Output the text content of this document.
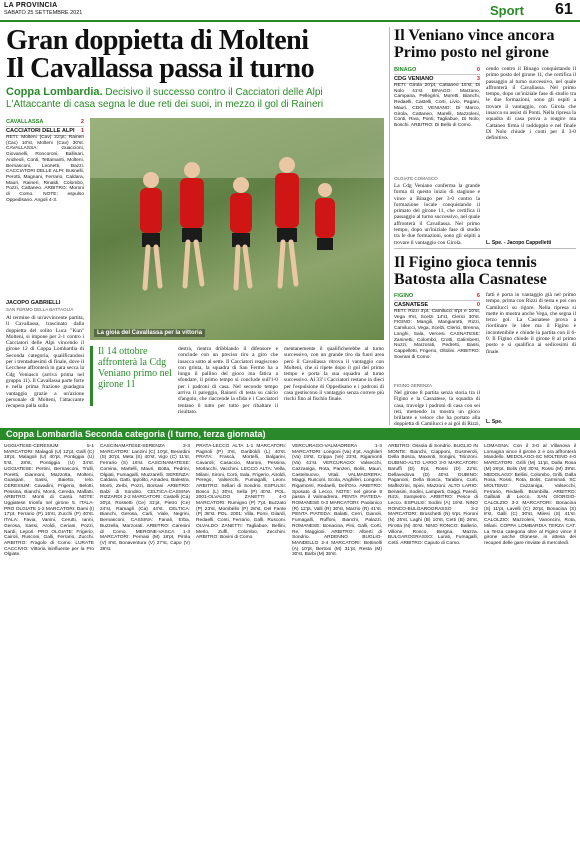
LA PROVINCIA
SABATO 25 SETTEMBRE 2021	Sport 61
Gran doppietta di Molteni
Il Cavallassa passa il turno
Coppa Lombardia. Decisivo il successo contro il Cacciatori delle Alpi
L'Attaccante di casa segna le due reti dei suoi, in mezzo il gol di Raineri
CAVALLASSA	2
CACCIATORI DELLE ALPI 1
RETI: Molteni (Cav) 22'pt; Raineri (Cac) 10'st, Molteni (Cav) 30'st. CAVALLASSA: Guaccioni, Giovanelli, Roncoroni, Ballinari, Andreoli, Conti, Tettamanti, Molteni, Bernasconi, Leonetti, Bazzi. CACCIATORI DELLE ALPI: Busnelli, Perotti, Magnani, Ferrario, Caldara, Mauri, Raineri, Rinaldi, Colombo, Pozzi, Cattaneo. ARBITRO: Moroni di Como. NOTE: espulso Oppedisano. Angoli 4-3.
JACOPO GABRIELLI
SAN FERMO DELLA BATTAGLIA
Al termine di un'avvincente partita, il Cavallassa, trascinato dalla doppietta del solito Luca "Kun" Molteni, si impone per 2-1 contro i Cacciatori delle Alpi vincendo il girone 12 di Coppa Lombardia di Seconda categoria, qualificandosi per i trentaduesimi di finale, dove il Lecchese affronterà in gara secca la Cdg Veniasco (arriva prima nel gruppo 11). Il Cavallassa parte forte e nella prima frazione guadagna vantaggio grazie a un'azione personale di Molteni, l'attaccante recupera palla sulla
La gioia del Cavallassa per la vittoria
Il 14 ottobre affronterà la Cdg Veniano primo nel girone 11
destra, rientra dribblando il difensore e conclude con un preciso tiro a giro che insacca sotto al sette. Il Cacciatori reagiscono con grinta, la squadra di San Fermo ha a lungo il pallino del gioco ma fatica a sfondare, il primo tempo si conclude sull'1-0 per i padroni di casa. Nel secondo tempo arriva il pareggio, Raineri di testa su calcio d'angolo, che riaccende la sfida e i Cacciatori tentano il tutto per tutto per ribaltare il risultato.
mentanemente il qualificherebbe al turno successivo, con un grande tiro da fuori area però il Cavallassa ritrova il vantaggio con Molteni, che si ripete dopo il gol del primo tempo e porta la sua squadra al turno successivo. Al 33' i Cacciatori restano in dieci per l'espulsione di Oppedisano e i padroni di casa gestiscono il vantaggio senza correre più rischi fino al fischio finale.
Il Veniano vince ancora
Primo posto nel girone
BINAGO	0
CDG VENIANO	3
RETI: Girola 20'pt, Cattaneo 15'st, Di Nolo 41'st. BINAGO: Marzano, Campana, Pellegrini, Moretti, Bianchi, Redaelli, Castelli, Corti, Livio, Pagani, Mauri. CDG VENIANO: Di Marco, Girola, Cattaneo, Marelli, Mazzoleni, Conti, Riva, Ponti, Tagliabue, Di Nolo, Boschi. ARBITRO: Di Bello di Como.
OLGIATE COMASCO
La Cdg Veniano conferma la grande forma di questo inizio di stagione e vince a Binago per 3-0 contro la formazione locale conquistando il primato del girone 11, che certifica il passaggio al turno successivo, nel quale affronterà il Cavallassa. Nel primo tempo, dopo un'iniziale fase di studio tra le due formazioni, sono gli ospiti a trovare il vantaggio con Girola.
cendo contro il Binago conquistando il primo posto del girone 11, che certifica il passaggio al turno successivo, nel quale affronterà il Cavallassa. Nel primo tempo, dopo un'iniziale fase di studio tra le due formazioni, sono gli ospiti a trovare il vantaggio, con Girola che insacca su assist di Ponti. Nella ripresa la squadra di casa prova a reagire ma Cattaneo firma il raddoppio e nel finale Di Nolo chiude i conti per il 3-0 definitivo.
L. Spe. - Jacopo Cappelletti
Il Figino gioca tennis
Batosta alla Casnatese
FIGINO	6
CASNATESE	0
RETI: Rizzi 3'pt, Camilucci 8'pt e 10'st, Vega 9'st, Scelzi 14'st, Clerici 30'st. FIGINO: Mangili, Mangiarotti, Rizzi, Camilucci, Vega, Scelzi, Clerici, Brenna, Longhi, Sala, Vercesi. CASNATESE: Zaninetti, Colombo, Crotti, Galimberti, Nuzzi, Marzorati, Pedretti, Bassi, Cappelletti, Frigerio, Oltolini. ARBITRO: Sovrani di Como.
FIGINO SERENZA
Nel girone 8 partita senza storia tra il Figino e la Casnatese, la squadra di casa, travolge i padroni di casa con sei reti, mettendo in mostra un gioco brillante e veloce che ha portato alla doppietta di Camilucci e ai gol di Rizzi,
fatti è porta in vantaggio già nel primo tempo, prima con Rizzi di testa e poi con Camilucci su rigore. Nella ripresa si mette in mostra anche Vega, che segna il terzo gol. La Casnatese prova a riordinare le idee ma il Figino è incontenibile e chiude la partita con il 6-0. Il Figino chiude il girone 8 al primo posto e si qualifica ai sedicesimi di finale.
L. Spe.
Coppa Lombardia Seconda categoria (I turno, terza giornata)
UGGIATESE-CERESIUM 5-1 MARCATORI: Malagoli (U) 12'pt, Galli (C) 18'pt, Malagoli (U) 40'pt, Pontiggia (U) 5'st, 28'st, Pontiggia (U) 34'st. UGGIATESE: Pertini, Bernasconi, Trulli, Poretti, Giannoni, Mazzotta, Molteni, Guaspari, Sassi, Baietto, Ielo. CERESIUM: Cavadini, Frigerio, Belotti, Pessina, Bianchi, Monti, Cereda, Malfatti. ARBITRO: Monti di Cantù. NOTE: Uggiatese trionfa nel girone 5. ITALA-PRO OLGIATE 1-2 MARCATORI: Dami (I) 17'pt, Ferrario (P) 15'st, Zucchi (P) 40'st. ITALA: Favia, Vanini, Cerutti, Ianni, Gerosa, Sassi, Aroldi, Ceriani, Pozzi, Nardi, Lepori. PRO OLGIATE: Frigerio, Cairoli, Rusconi, Galli, Ferrario, Zucchi. ARBITRO: Fragolo di Como. LURATE CACCIVIO: Vittoria ininfluente per la Pro Olgiate.
CASCINAMATESE-SERENZA 3-3 MARCATORI: Lanzini (C) 10'pt, Berardini (S) 30'pt, Meta (S) 40'st, Vigo (C) 11'st, Ferrario (S) 16'st. CASCINAMATESE: Comina, Martelli, Mauri, Botta, Pedrini, Olgiati, Fumagalli, Muzzarelli. SERENZA: Caldara, Gatti, Ippolito, Amadeo, Balestra, Monti, Zerbi, Pozzi, Borsani. ARBITRO: Balzi di Sondrio. CELTICA-CASSINA RIZZARDI 2-2 MARCATORI: Castelli (Ca) 20'pt, Rossetti (Ce) 31'pt, Pietro (Ce) 24'st, Ramagli (Ca) 44'st. CELTICA: Bianchi, Gerosa, Carli, Viale, Negrini, Bernasconi. CASSINA: Fanali, Erba, Buzzella, Marzorati. ARBITRO: Carenini di Como. MERONE-VASCA 1-3 MARCATORI: Pernasi (M) 18'pt, Pirola (V) 8'st, Bonaventura (V) 27'st, Capo (V) 39'st.
PRATA-LECCO ALTA 1-1 MARCATORI: Pagnoli (P) 3'st, Gariboldi (L) 40'st. PRATA: Frascà, Mortelli, Balgarini, Cavaroli, Casaccio, Maroni, Pessina, Morlacchi, Vacchini. LECCO ALTA: Vella, Milani, Sironi, Corti, Sala, Frigerio, Airoldi, Perego, Valsecchi, Fumagalli, Leoni. ARBITRO: Sellari di Sondrio. ESPULSI: Bosco (L) 30'st, Sella (P) 40'st. POL. 2001-OLVALDO ZANETTI 4-0 MARCATORI: Rumigno (P) 7'pt, Buzzato (P) 23'st, Mombello (P) 28'st, Del Fante (P) 38'st. POL. 2001: Villa, Pomi, Gilardi, Redaelli, Conti, Ferrario, Galli, Rusconi. OLVALDO ZANETTI: Tagliabue, Bellini, Merlo, Zuffi, Colombo, Zecchini. ARBITRO: Bovini di Como.
VERCURAGO-VALMADRERA 1-3 MARCATORI: Longoni (Va) 4'pt, Anghileri (Va) 19'st, Crippa (Ve) 23'st, Rigamonti (Va) 41'st. VERCURAGO: Valsecchi, Cazzaniga, Rota, Panzeri, Bolis, Mauri, Castelnuovo, Vitali. VALMADRERA: Maggi, Rusconi, Scola, Anghileri, Longoni, Rigamonti, Redaelli, Dell'Oro. ARBITRO: Sposato di Lecco. NOTE: nel girone 9 passa il Valmadrera. PENTA PIATEDA-ROMANESE 0-3 MARCATORI: Paolanico (R) 12'pt, Valli (R) 30'st, Marzio (R) 41'st. PENTA PIATEDA: Balatti, Cerri, Gianoli, Fumagalli, Ruffoni, Bianchi, Palazzi. ROMANESE: Bonacina, Pini, Galli, Corti, Re, Maggioni. ARBITRO: Alberti di Sondrio. ARDENNO BUGLIO-MANDELLO 2-4 MARCATORI: Bettinelli (A) 10'pt, Bertoni (M) 31'pt, Resta (M) 30'st, Barbi (M) 35'st.
ARBITRO: Ossola di Sondrio. BUGLIO IN MONTE: Bianchi, Ciapponi, Gusmeroli, Della Bosca, Maxenti, Songini, Tirinzoni. DUBINO-ALTO LARIO 3-0 MARCATORI: Baruffi (D) 5'pt, Rossi (D) 22'st, Dellavedova (D) 40'st. DUBINO: Paganoni, Della Bosca, Tarabini, Curti, Maffezzini, Spini, Mazzoni. ALTO LARIO: Benasini, Sodini, Lamperti, Gaggi, Paredi, Rizzi, Sampietro. ARBITRO: Pesce di Lecco. ESPULSI: Sodini (A) 19'st. NINO RONCO-BULGAROGRASSO 3-2 MARCATORI: Bruschetti (N) 5'pt, Fioroni (N) 25'st, Laghi (B) 10'st, Cetti (B) 26'st, Pirotta (N) 40'st. NINO RONCO: Ballerio, Villone, Ronco, Bergna, Mazza. BULGAROGRASSO: Lurati, Fumagalli, Cetti. ARBITRO: Caputo di Como.
LOMAGNA: Con il 3-0 al Villanova il Lomagna vince il girone 2 e ora affronterà Mandello. MEDOLAGO-SC MOLTENO 4-0 MARCATORI: Grilli (M) 11'pt, Dalla Rosa (M) 26'pt, Bolis (M) 30'st, Rossi (M) 39'st. MEDOLAGO: Bellini, Colombo, Grilli, Dalla Rosa, Rossi, Rota, Bolis, Carminati. SC MOLTENO: Cazzaniga, Valsecchi, Ferrario, Redaelli, Brambilla. ARBITRO: Galbiati di Lecco. SAN GIORGIO-CALOLZIO 3-2 MARCATORI: Bonacina (S) 11'pt, Lavelli (C) 20'pt, Bonacina (S) 8'st, Galli (C) 30'st, Milesi (S) 41'st. CALOLZIO: Mazzoleni, Vanoncini, Rota, Milani. COPPA LOMBARDIA TERZA CAT. La Terza categoria oltre al Figino vince il girone anche Olonese, in attesa dei recuperi delle gare rinviate di mercoledì.
